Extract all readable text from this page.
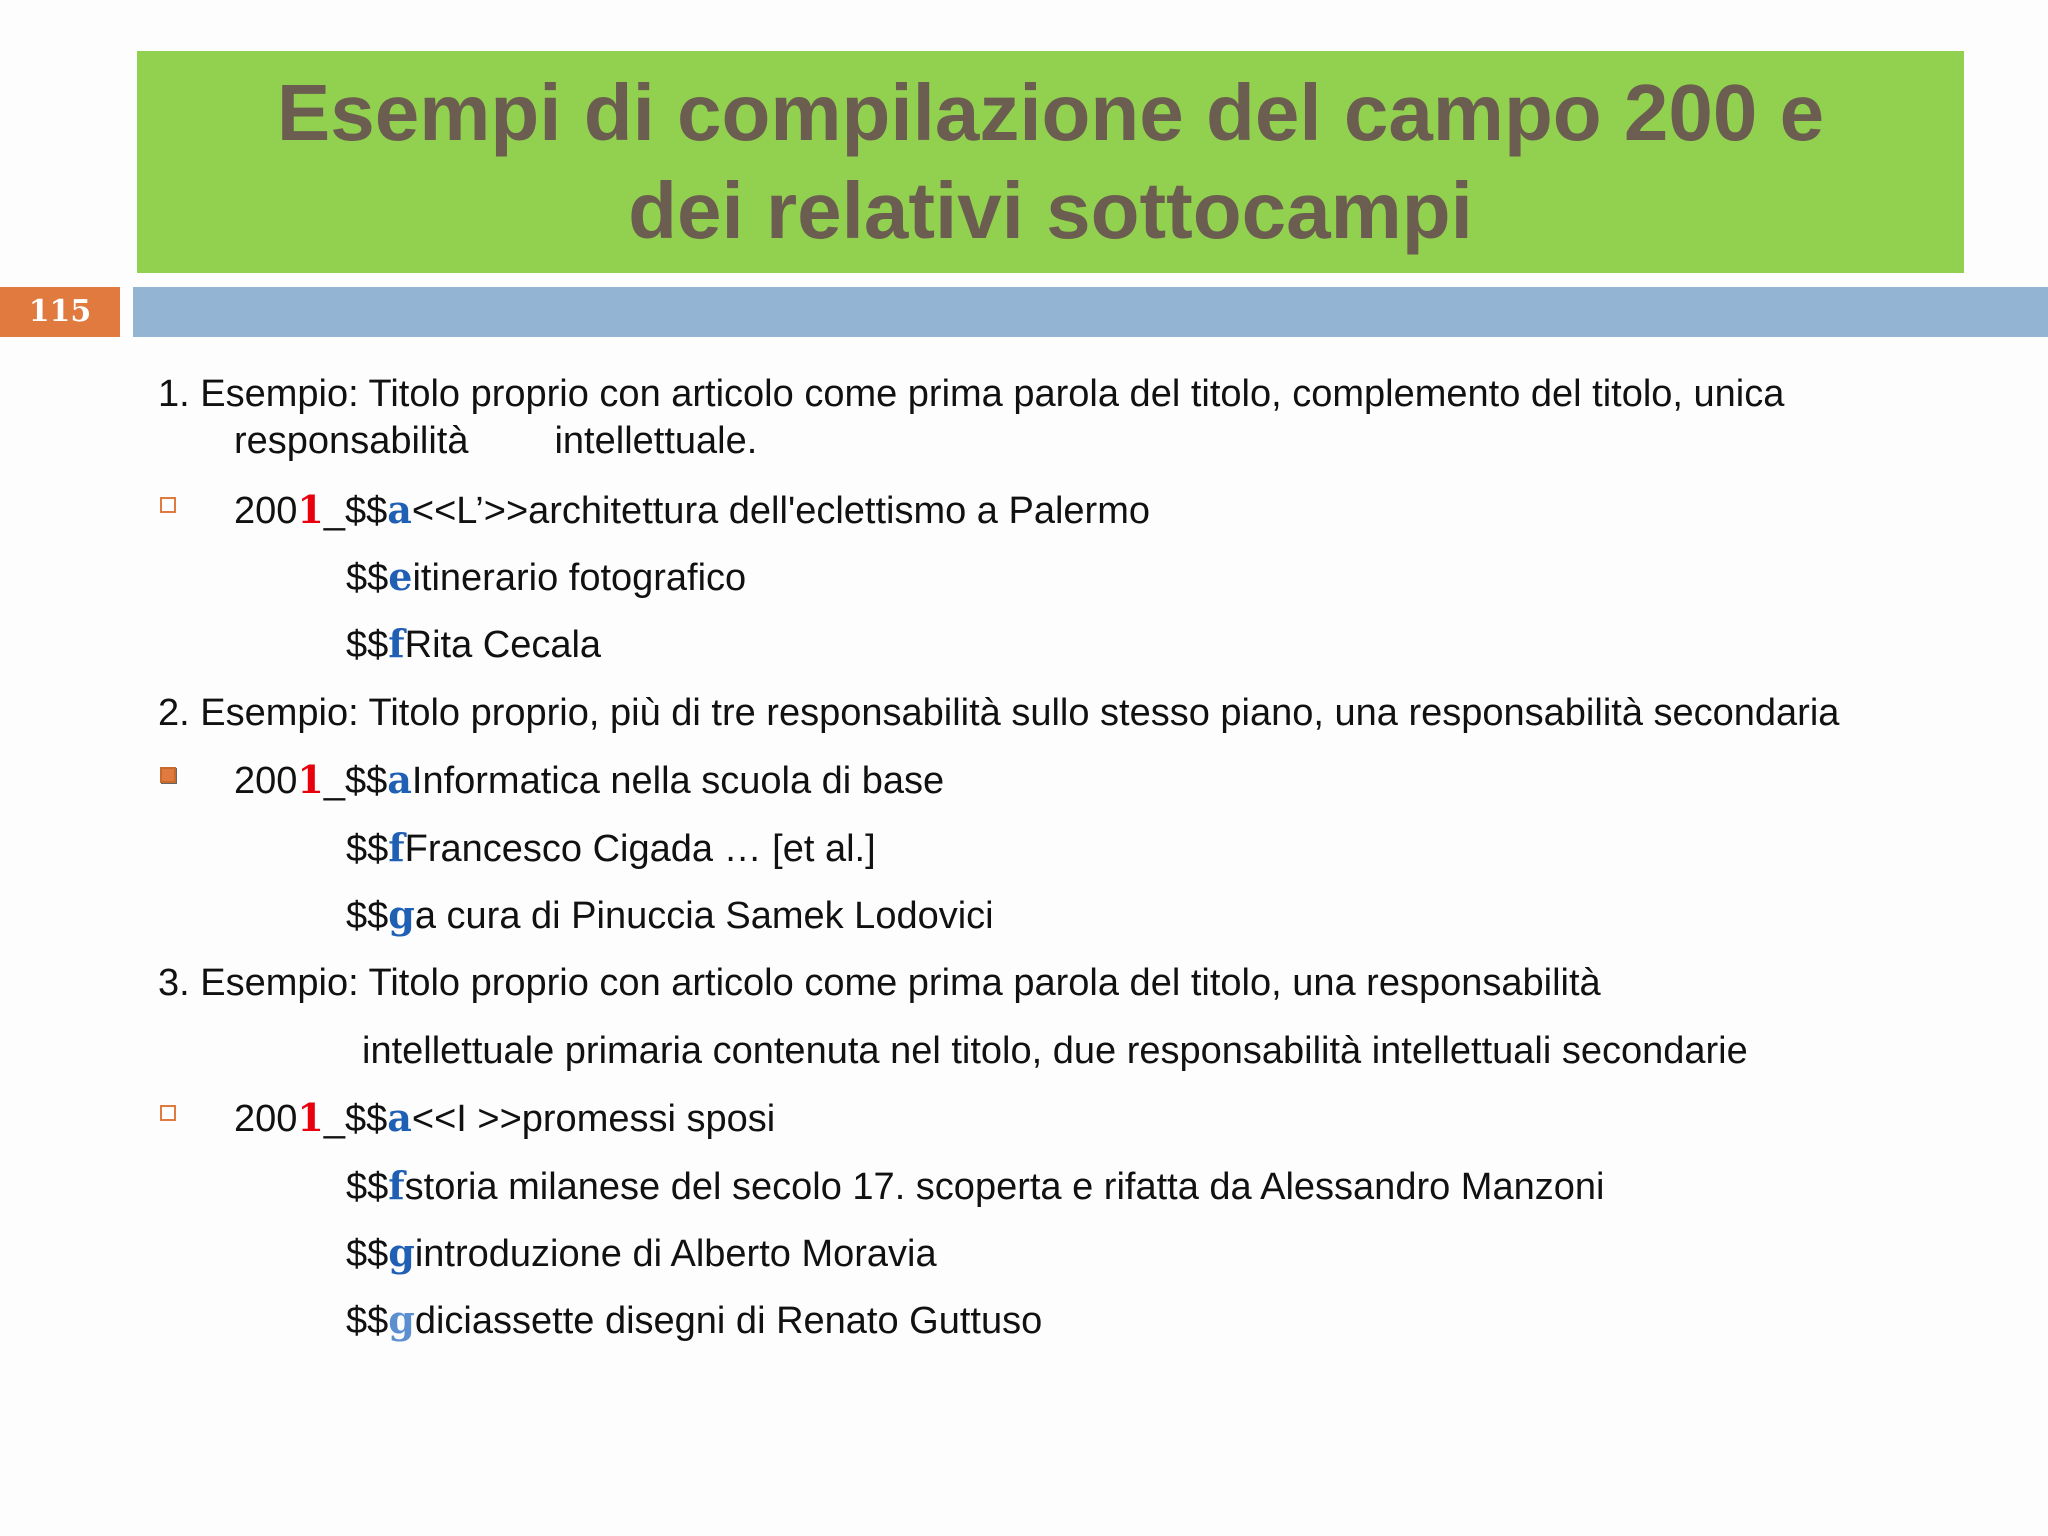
Esempi di compilazione del campo 200 e dei relativi sottocampi
115
1. Esempio: Titolo proprio con articolo come prima parola del titolo, complemento del titolo, unica
responsabilità intellettuale.
2001_$$a<<L’>>architettura dell'eclettismo a Palermo
$$eitinerario fotografico
$$fRita Cecala
2. Esempio: Titolo proprio, più di tre responsabilità sullo stesso piano, una responsabilità secondaria
2001_$$aInformatica nella scuola di base
$$fFrancesco Cigada … [et al.]
$$ga cura di Pinuccia Samek Lodovici
3. Esempio: Titolo proprio con articolo come prima parola del titolo, una responsabilità
intellettuale primaria contenuta nel titolo, due responsabilità intellettuali secondarie
2001_$$a<<I >>promessi sposi
$$fstoria milanese del secolo 17. scoperta e rifatta da Alessandro Manzoni
$$gintroduzione di Alberto Moravia
$$gdiciassette disegni di Renato Guttuso
